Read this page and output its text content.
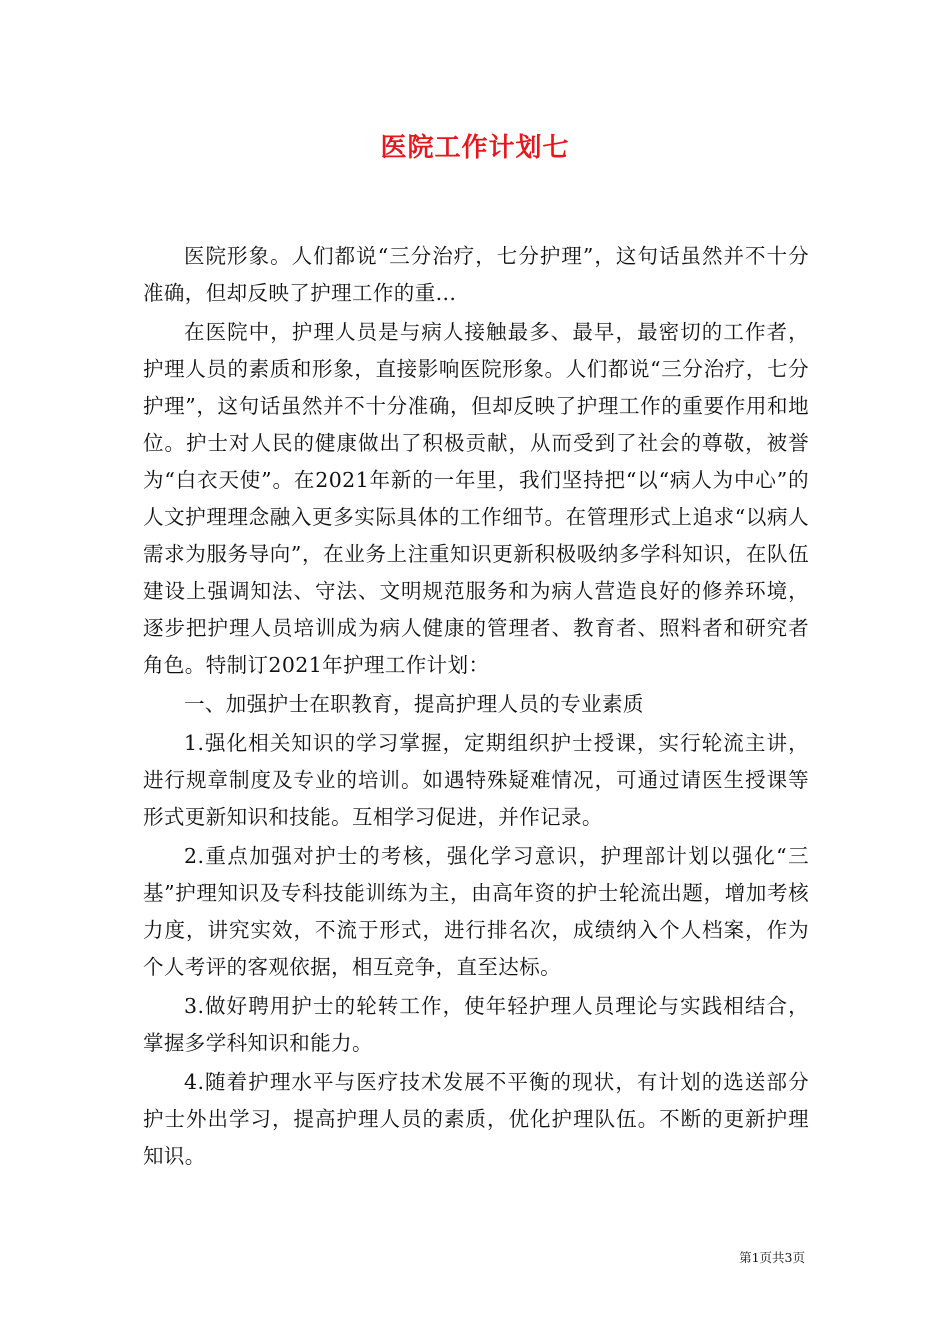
医院工作计划七

医院形象。人们都说“三分治疗，七分护理”，这句话虽然并不十分准确，但却反映了护理工作的重...

在医院中，护理人员是与病人接触最多、最早，最密切的工作者，护理人员的素质和形象，直接影响医院形象。人们都说“三分治疗，七分护理”，这句话虽然并不十分准确，但却反映了护理工作的重要作用和地位。护士对人民的健康做出了积极贡献，从而受到了社会的尊敬，被誉为“白衣天使”。在2021年新的一年里，我们坚持把“以“病人为中心”的人文护理理念融入更多实际具体的工作细节。在管理形式上追求“以病人需求为服务导向”，在业务上注重知识更新积极吸纳多学科知识，在队伍建设上强调知法、守法、文明规范服务和为病人营造良好的修养环境，逐步把护理人员培训成为病人健康的管理者、教育者、照料者和研究者角色。特制订2021年护理工作计划：

一、加强护士在职教育，提高护理人员的专业素质

1.强化相关知识的学习掌握，定期组织护士授课，实行轮流主讲，进行规章制度及专业的培训。如遇特殊疑难情况，可通过请医生授课等形式更新知识和技能。互相学习促进，并作记录。

2.重点加强对护士的考核，强化学习意识，护理部计划以强化“三基”护理知识及专科技能训练为主，由高年资的护士轮流出题，增加考核力度，讲究实效，不流于形式，进行排名次，成绩纳入个人档案，作为个人考评的客观依据，相互竞争，直至达标。

3.做好聘用护士的轮转工作，使年轻护理人员理论与实践相结合，掌握多学科知识和能力。

4.随着护理水平与医疗技术发展不平衡的现状，有计划的选送部分护士外出学习，提高护理人员的素质，优化护理队伍。不断的更新护理知识。

第1页共3页
